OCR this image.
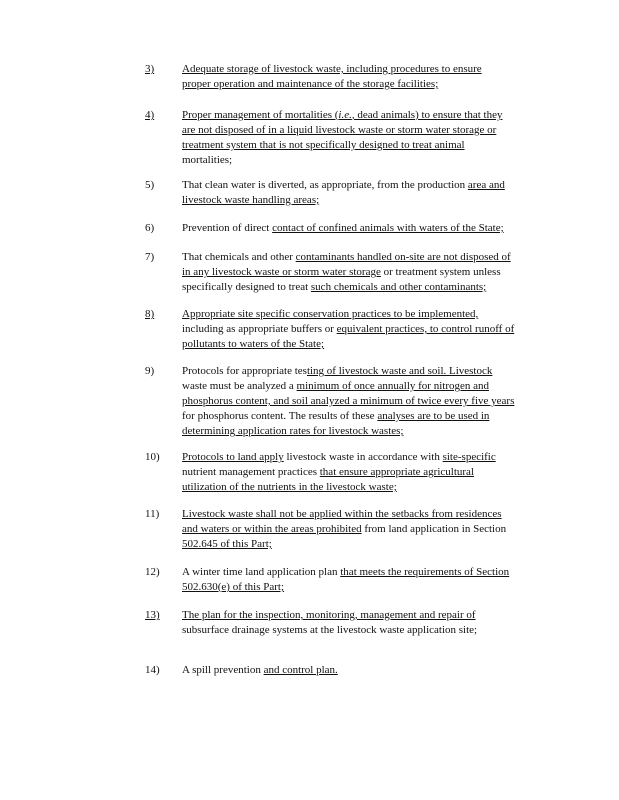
3)	Adequate storage of livestock waste, including procedures to ensure
proper operation and maintenance of the storage facilities;
4)	Proper management of mortalities (i.e., dead animals) to ensure that they
are not disposed of in a liquid livestock waste or storm water storage or
treatment system that is not specifically designed to treat animal
mortalities;
5)	That clean water is diverted, as appropriate, from the production area and
livestock waste handling areas;
6)	Prevention of direct contact of confined animals with waters of the State;
7)	That chemicals and other contaminants handled on-site are not disposed of
in any livestock waste or storm water storage or treatment system unless
specifically designed to treat such chemicals and other contaminants;
8)	Appropriate site specific conservation practices to be implemented,
including as appropriate buffers or equivalent practices, to control runoff of
pollutants to waters of the State;
9)	Protocols for appropriate testing of livestock waste and soil. Livestock
waste must be analyzed a minimum of once annually for nitrogen and
phosphorus content, and soil analyzed a minimum of twice every five years
for phosphorus content. The results of these analyses are to be used in
determining application rates for livestock wastes;
10)	Protocols to land apply livestock waste in accordance with site-specific
nutrient management practices that ensure appropriate agricultural
utilization of the nutrients in the livestock waste;
11)	Livestock waste shall not be applied within the setbacks from residences
and waters or within the areas prohibited from land application in Section
502.645 of this Part;
12)	A winter time land application plan that meets the requirements of Section
502.630(e) of this Part;
13)	The plan for the inspection, monitoring, management and repair of
subsurface drainage systems at the livestock waste application site;
14)	A spill prevention and control plan.
